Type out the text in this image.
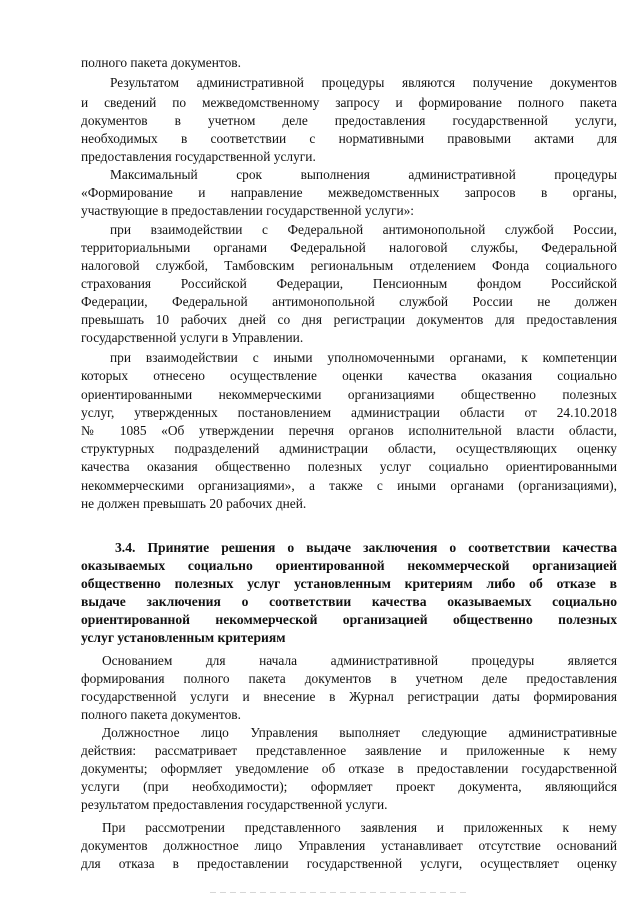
полного пакета документов.
Результатом административной процедуры являются получение документов
и сведений по межведомственному запросу и формирование полного пакета
документов в учетном деле предоставления государственной услуги,
необходимых в соответствии с нормативными правовыми актами для
предоставления государственной услуги.
Максимальный срок выполнения административной процедуры
«Формирование и направление межведомственных запросов в органы,
участвующие в предоставлении государственной услуги»:
при взаимодействии с Федеральной антимонопольной службой России,
территориальными органами Федеральной налоговой службы, Федеральной
налоговой службой, Тамбовским региональным отделением Фонда социального
страхования Российской Федерации, Пенсионным фондом Российской
Федерации, Федеральной антимонопольной службой России не должен
превышать 10 рабочих дней со дня регистрации документов для предоставления
государственной услуги в Управлении.
при взаимодействии с иными уполномоченными органами, к компетенции
которых отнесено осуществление оценки качества оказания социально
ориентированными некоммерческими организациями общественно полезных
услуг, утвержденных постановлением администрации области от 24.10.2018
№ 1085 «Об утверждении перечня органов исполнительной власти области,
структурных подразделений администрации области, осуществляющих оценку
качества оказания общественно полезных услуг социально ориентированными
некоммерческими организациями», а также с иными органами (организациями),
не должен превышать 20 рабочих дней.
3.4. Принятие решения о выдаче заключения о соответствии качества
оказываемых социально ориентированной некоммерческой организацией
общественно полезных услуг установленным критериям либо об отказе в
выдаче заключения о соответствии качества оказываемых социально
ориентированной некоммерческой организацией общественно полезных
услуг установленным критериям
Основанием для начала административной процедуры является
формирования полного пакета документов в учетном деле предоставления
государственной услуги и внесение в Журнал регистрации даты формирования
полного пакета документов.
Должностное лицо Управления выполняет следующие административные
действия: рассматривает представленное заявление и приложенные к нему
документы; оформляет уведомление об отказе в предоставлении государственной
услуги (при необходимости); оформляет проект документа, являющийся
результатом предоставления государственной услуги.
При рассмотрении представленного заявления и приложенных к нему
документов должностное лицо Управления устанавливает отсутствие оснований
для отказа в предоставлении государственной услуги, осуществляет оценку
